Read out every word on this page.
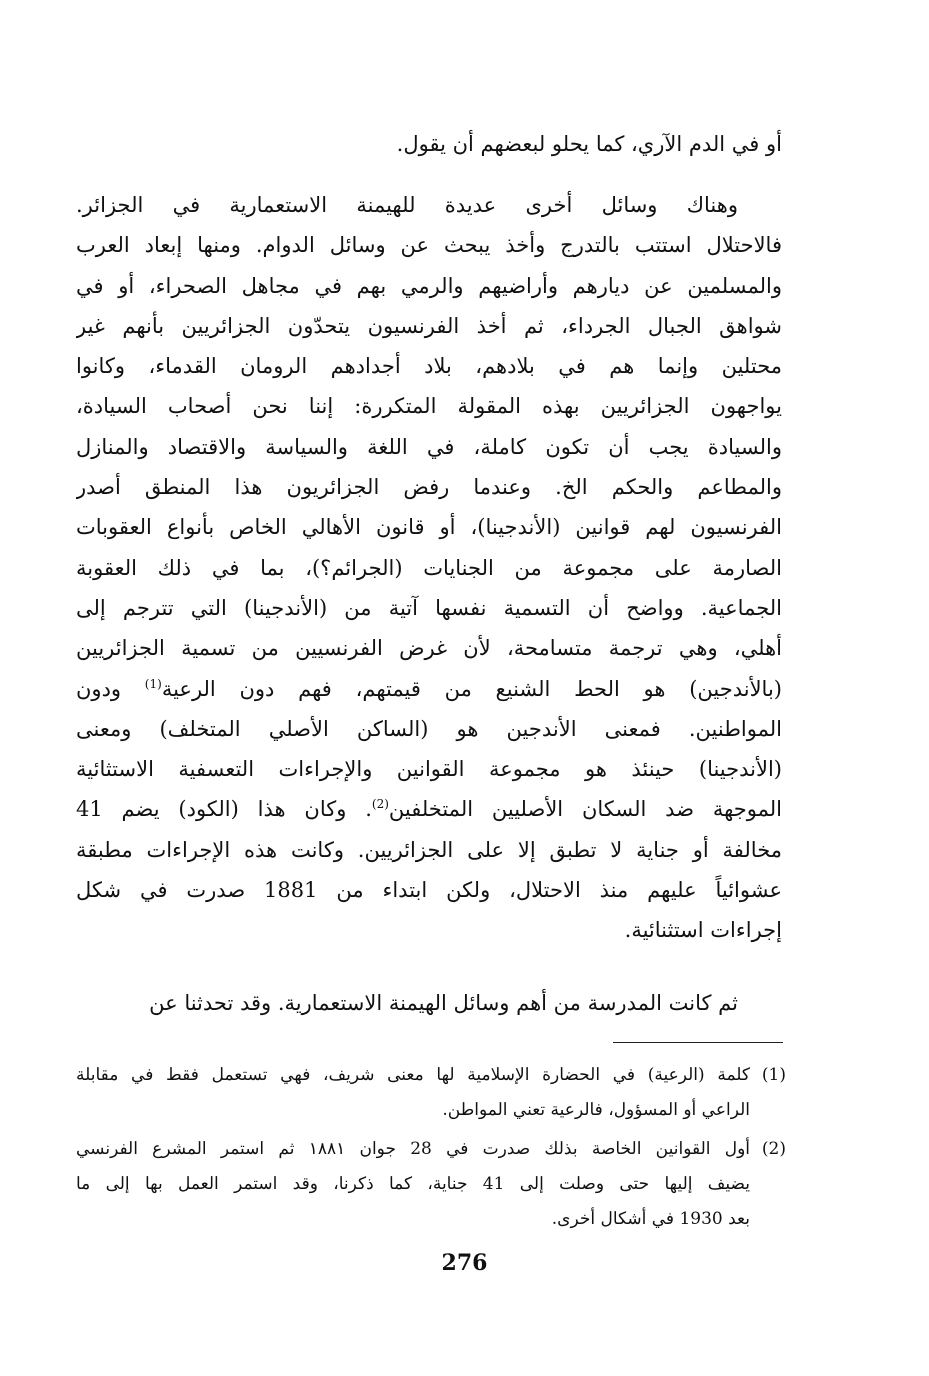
أو في الدم الآري، كما يحلو لبعضهم أن يقول.

وهناك وسائل أخرى عديدة للهيمنة الاستعمارية في الجزائر.
فالاحتلال استتب بالتدرج وأخذ يبحث عن وسائل الدوام. ومنها إبعاد العرب
والمسلمين عن ديارهم وأراضيهم والرمي بهم في مجاهل الصحراء، أو في
شواهق الجبال الجرداء، ثم أخذ الفرنسيون يتحدّون الجزائريين بأنهم غير
محتلين وإنما هم في بلادهم، بلاد أجدادهم الرومان القدماء، وكانوا
يواجهون الجزائريين بهذه المقولة المتكررة: إننا نحن أصحاب السيادة،
والسيادة يجب أن تكون كاملة، في اللغة والسياسة والاقتصاد والمنازل
والمطاعم والحكم الخ. وعندما رفض الجزائريون هذا المنطق أصدر
الفرنسيون لهم قوانين (الأندجينا)، أو قانون الأهالي الخاص بأنواع العقوبات
الصارمة على مجموعة من الجنايات (الجرائم؟)، بما في ذلك العقوبة
الجماعية. وواضح أن التسمية نفسها آتية من (الأندجينا) التي تترجم إلى
أهلي، وهي ترجمة متسامحة، لأن غرض الفرنسيين من تسمية الجزائريين
(بالأندجين) هو الحط الشنيع من قيمتهم، فهم دون الرعية$^{(1)}$ ودون
المواطنين. فمعنى الأندجين هو (الساكن الأصلي المتخلف) ومعنى
(الأندجينا) حينئذ هو مجموعة القوانين والإجراءات التعسفية الاستثائية
الموجهة ضد السكان الأصليين المتخلفين$^{(2)}$. وكان هذا (الكود) يضم 41
مخالفة أو جناية لا تطبق إلا على الجزائريين. وكانت هذه الإجراءات مطبقة
عشوائياً عليهم منذ الاحتلال، ولكن ابتداء من 1881 صدرت في شكل
إجراءات استثنائية.

ثم كانت المدرسة من أهم وسائل الهيمنة الاستعمارية. وقد تحدثنا عن

(1)
كلمة (الرعية) في الحضارة الإسلامية لها معنى شريف، فهي تستعمل فقط في مقابلة
الراعي أو المسؤول، فالرعية تعني المواطن.
(2)
أول القوانين الخاصة بذلك صدرت في 28 جوان ١٨٨١ ثم استمر المشرع الفرنسي
يضيف إليها حتى وصلت إلى 41 جناية، كما ذكرنا، وقد استمر العمل بها إلى ما
بعد 1930 في أشكال أخرى.
276
